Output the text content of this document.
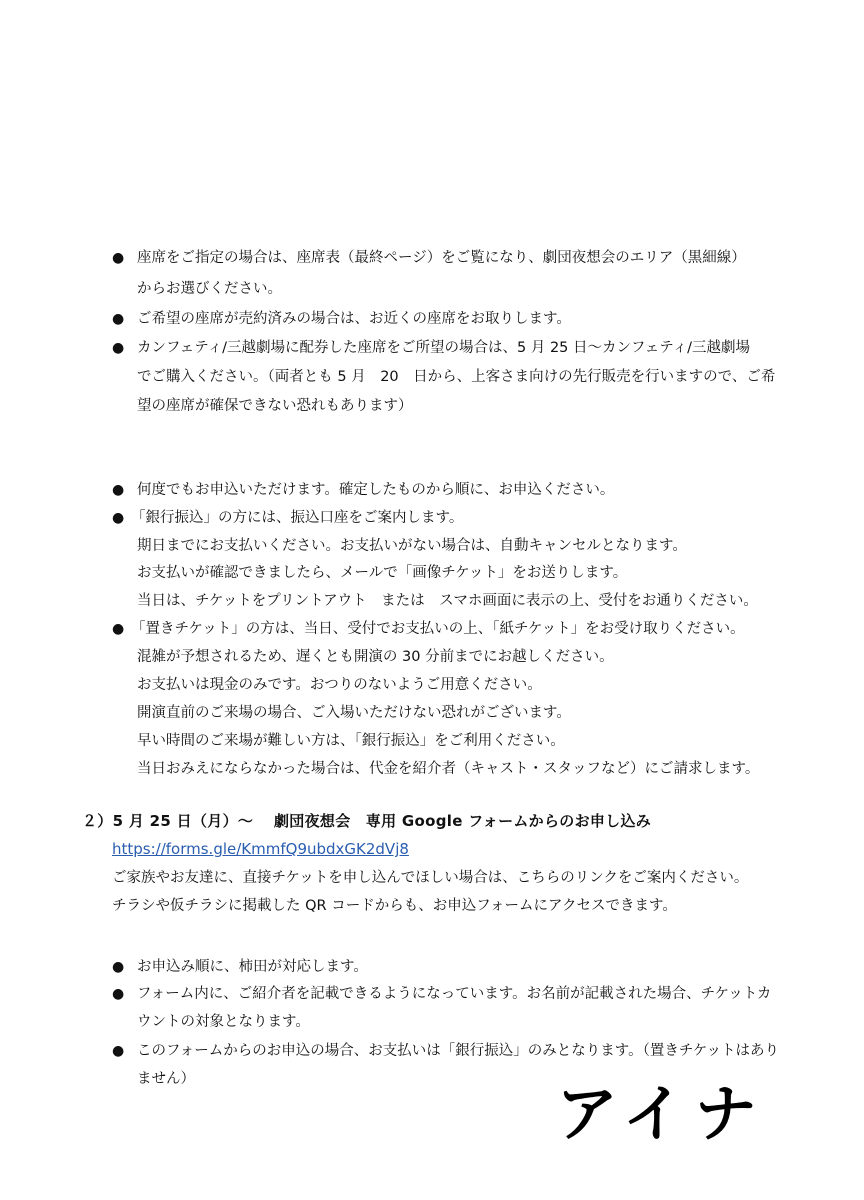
● 座席をご指定の場合は、座席表（最終ページ）をご覧になり、劇団夜想会のエリア（黒細線）
からお選びください。
● ご希望の座席が売約済みの場合は、お近くの座席をお取りします。
● カンフェティ/三越劇場に配券した座席をご所望の場合は、5 月 25 日～カンフェティ/三越劇場
でご購入ください。（両者とも 5 月　20　日から、上客さま向けの先行販売を行いますので、ご希
望の座席が確保できない恐れもあります）
● 何度でもお申込いただけます。確定したものから順に、お申込ください。
● 「銀行振込」の方には、振込口座をご案内します。
期日までにお支払いください。お支払いがない場合は、自動キャンセルとなります。
お支払いが確認できましたら、メールで「画像チケット」をお送りします。
当日は、チケットをプリントアウト　または　スマホ画面に表示の上、受付をお通りください。
● 「置きチケット」の方は、当日、受付でお支払いの上、「紙チケット」をお受け取りください。
混雑が予想されるため、遅くとも開演の 30 分前までにお越しください。
お支払いは現金のみです。おつりのないようご用意ください。
開演直前のご来場の場合、ご入場いただけない恐れがございます。
早い時間のご来場が難しい方は、「銀行振込」をご利用ください。
当日おみえにならなかった場合は、代金を紹介者（キャスト・スタッフなど）にご請求します。
２）5 月 25 日（月）～　 劇団夜想会　専用 Google フォームからのお申し込み
https://forms.gle/KmmfQ9ubdxGK2dVj8
ご家族やお友達に、直接チケットを申し込んでほしい場合は、こちらのリンクをご案内ください。
チラシや仮チラシに掲載した QR コードからも、お申込フォームにアクセスできます。
● お申込み順に、柿田が対応します。
● フォーム内に、ご紹介者を記載できるようになっています。お名前が記載された場合、チケットカ
ウントの対象となります。
● このフォームからのお申込の場合、お支払いは「銀行振込」のみとなります。（置きチケットはあり
ません）	アイナ
